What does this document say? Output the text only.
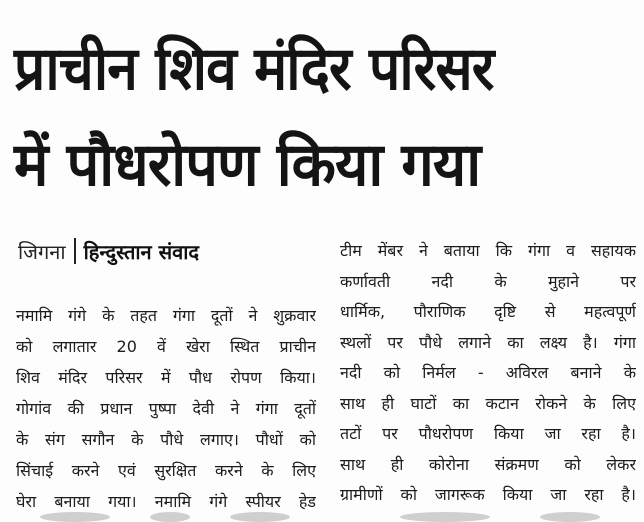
प्राचीन शिव मंदिर परिसर
में पौधरोपण किया गया
जिगना हिन्दुस्तान संवाद
नमामि गंगे के तहत गंगा दूतों ने शुक्रवार
को लगातार 20 वें खेरा स्थित प्राचीन
शिव मंदिर परिसर में पौध रोपण किया।
गोगांव की प्रधान पुष्पा देवी ने गंगा दूतों
के संग सगौन के पौधे लगाए। पौधों को
सिंचाई करने एवं सुरक्षित करने के लिए
घेरा बनाया गया। नमामि गंगे स्पीयर हेड
टीम मेंबर ने बताया कि गंगा व सहायक
कर्णावती नदी के मुहाने पर
धार्मिक, पौराणिक दृष्टि से महत्वपूर्ण
स्थलों पर पौधे लगाने का लक्ष्य है। गंगा
नदी को निर्मल - अविरल बनाने के
साथ ही घाटों का कटान रोकने के लिए
तटों पर पौधरोपण किया जा रहा है।
साथ ही कोरोना संक्रमण को लेकर
ग्रामीणों को जागरूक किया जा रहा है।
